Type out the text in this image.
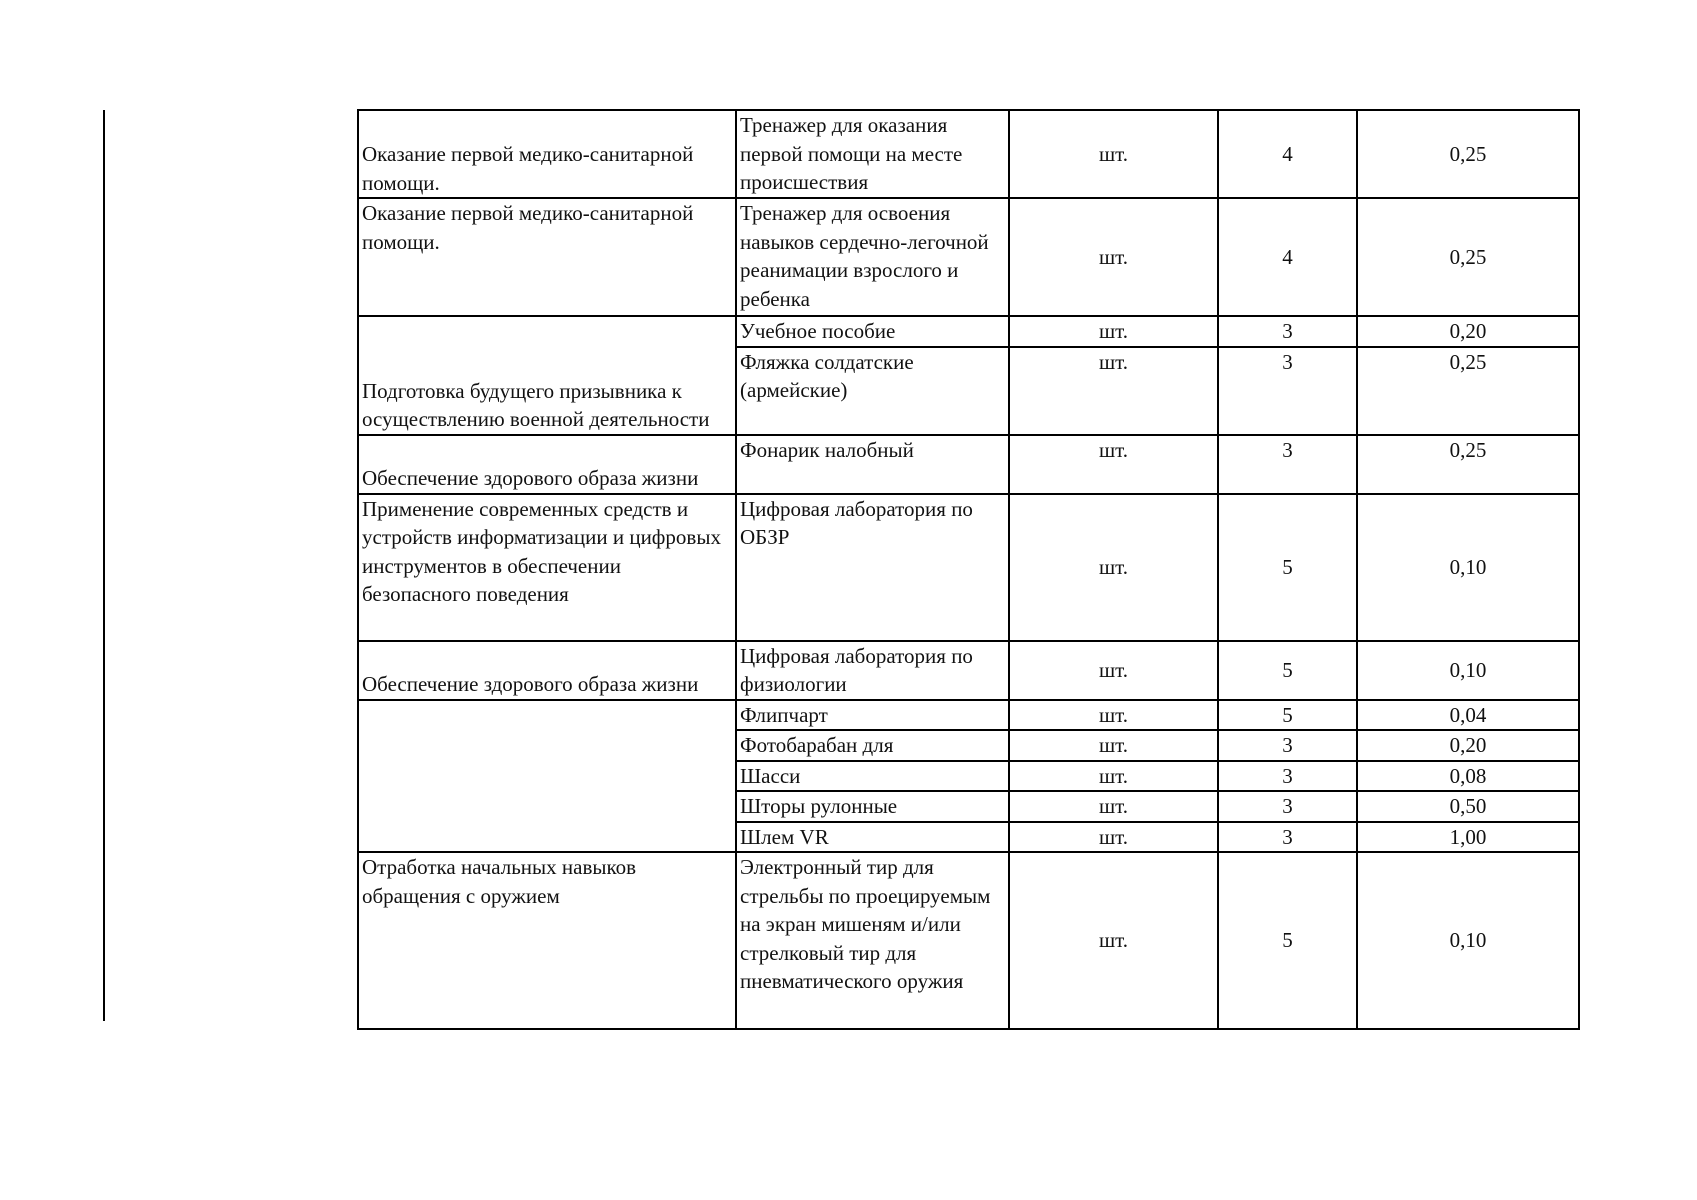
Оказание первой медико-санитарной помощи.	Тренажер для оказания первой помощи на месте происшествия	шт.	4	0,25
Оказание первой медико-санитарной помощи.	Тренажер для освоения навыков сердечно-легочной реанимации взрослого и ребенка	шт.	4	0,25
Подготовка будущего призывника к осуществлению военной деятельности	Учебное пособие	шт.	3	0,20
	Фляжка солдатские (армейские)	шт.	3	0,25
Обеспечение здорового образа жизни	Фонарик налобный	шт.	3	0,25
Применение современных средств и устройств информатизации и цифровых инструментов в обеспечении безопасного поведения	Цифровая лаборатория по ОБЗР	шт.	5	0,10
Обеспечение здорового образа жизни	Цифровая лаборатория по физиологии	шт.	5	0,10
	Флипчарт	шт.	5	0,04
	Фотобарабан для	шт.	3	0,20
	Шасси	шт.	3	0,08
	Шторы рулонные	шт.	3	0,50
	Шлем VR	шт.	3	1,00
Отработка начальных навыков обращения с оружием	Электронный тир для стрельбы по проецируемым на экран мишеням и/или стрелковый тир для пневматического оружия	шт.	5	0,10
